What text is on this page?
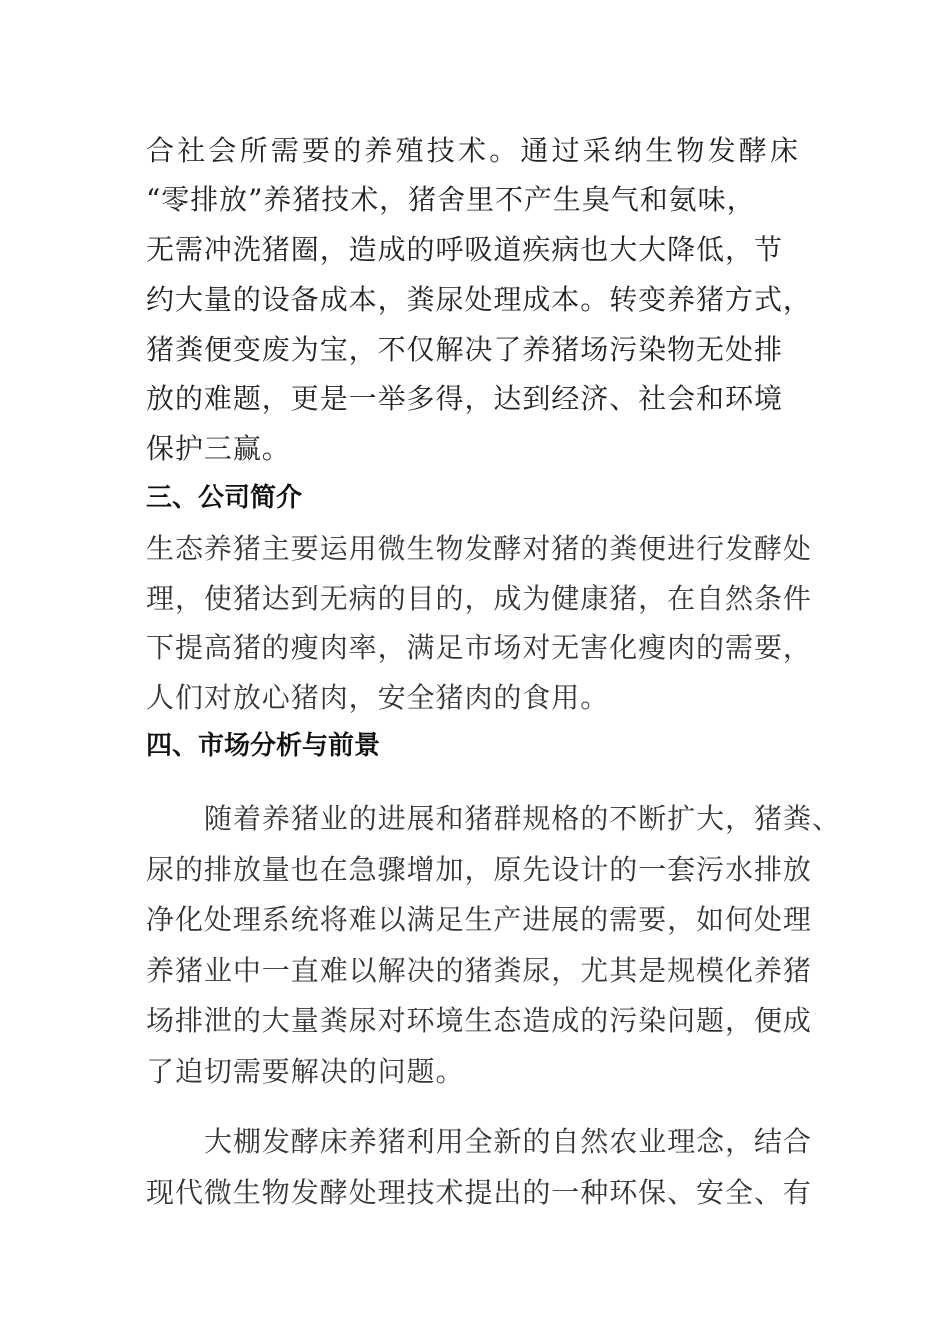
合社会所需要的养殖技术。通过采纳生物发酵床
“零排放”养猪技术，猪舍里不产生臭气和氨味，
无需冲洗猪圈，造成的呼吸道疾病也大大降低，节
约大量的设备成本，粪尿处理成本。转变养猪方式，
猪粪便变废为宝，不仅解决了养猪场污染物无处排
放的难题，更是一举多得，达到经济、社会和环境
保护三赢。
三、公司简介
生态养猪主要运用微生物发酵对猪的粪便进行发酵处
理，使猪达到无病的目的，成为健康猪，在自然条件
下提高猪的瘦肉率，满足市场对无害化瘦肉的需要，
人们对放心猪肉，安全猪肉的食用。
四、市场分析与前景
随着养猪业的进展和猪群规格的不断扩大，猪粪、
尿的排放量也在急骤增加，原先设计的一套污水排放
净化处理系统将难以满足生产进展的需要，如何处理
养猪业中一直难以解决的猪粪尿，尤其是规模化养猪
场排泄的大量粪尿对环境生态造成的污染问题，便成
了迫切需要解决的问题。
大棚发酵床养猪利用全新的自然农业理念，结合
现代微生物发酵处理技术提出的一种环保、安全、有
